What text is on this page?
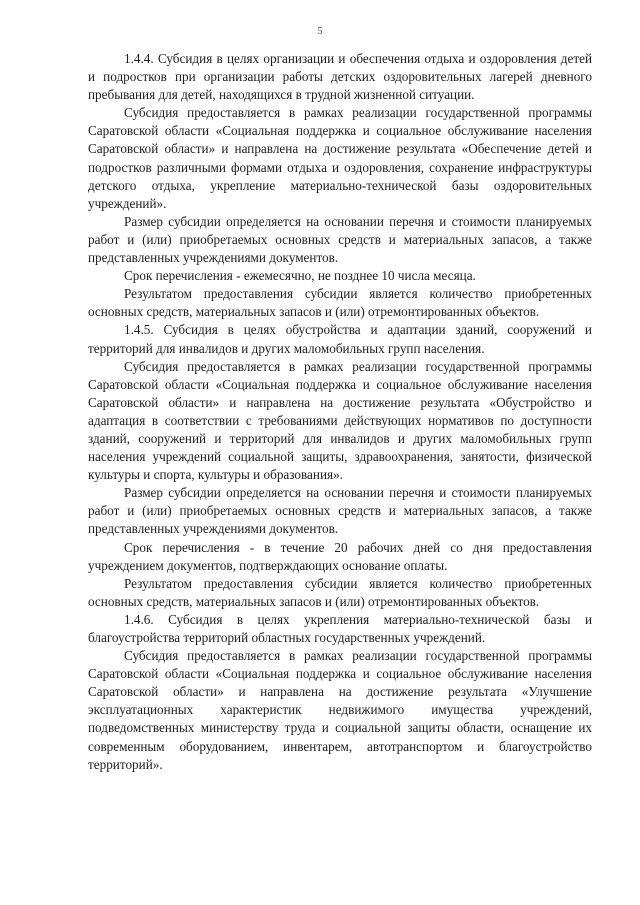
5

1.4.4. Субсидия в целях организации и обеспечения отдыха и оздоровления детей и подростков при организации работы детских оздоровительных лагерей дневного пребывания для детей, находящихся в трудной жизненной ситуации.

Субсидия предоставляется в рамках реализации государственной программы Саратовской области «Социальная поддержка и социальное обслуживание населения Саратовской области» и направлена на достижение результата «Обеспечение детей и подростков различными формами отдыха и оздоровления, сохранение инфраструктуры детского отдыха, укрепление материально-технической базы оздоровительных учреждений».

Размер субсидии определяется на основании перечня и стоимости планируемых работ и (или) приобретаемых основных средств и материальных запасов, а также представленных учреждениями документов.

Срок перечисления - ежемесячно, не позднее 10 числа месяца.

Результатом предоставления субсидии является количество приобретенных основных средств, материальных запасов и (или) отремонтированных объектов.

1.4.5. Субсидия в целях обустройства и адаптации зданий, сооружений и территорий для инвалидов и других маломобильных групп населения.

Субсидия предоставляется в рамках реализации государственной программы Саратовской области «Социальная поддержка и социальное обслуживание населения Саратовской области» и направлена на достижение результата «Обустройство и адаптация в соответствии с требованиями действующих нормативов по доступности зданий, сооружений и территорий для инвалидов и других маломобильных групп населения учреждений социальной защиты, здравоохранения, занятости, физической культуры и спорта, культуры и образования».

Размер субсидии определяется на основании перечня и стоимости планируемых работ и (или) приобретаемых основных средств и материальных запасов, а также представленных учреждениями документов.

Срок перечисления - в течение 20 рабочих дней со дня предоставления учреждением документов, подтверждающих основание оплаты.

Результатом предоставления субсидии является количество приобретенных основных средств, материальных запасов и (или) отремонтированных объектов.

1.4.6. Субсидия в целях укрепления материально-технической базы и благоустройства территорий областных государственных учреждений.

Субсидия предоставляется в рамках реализации государственной программы Саратовской области «Социальная поддержка и социальное обслуживание населения Саратовской области» и направлена на достижение результата «Улучшение эксплуатационных характеристик недвижимого имущества учреждений, подведомственных министерству труда и социальной защиты области, оснащение их современным оборудованием, инвентарем, автотранспортом и благоустройство территорий».
